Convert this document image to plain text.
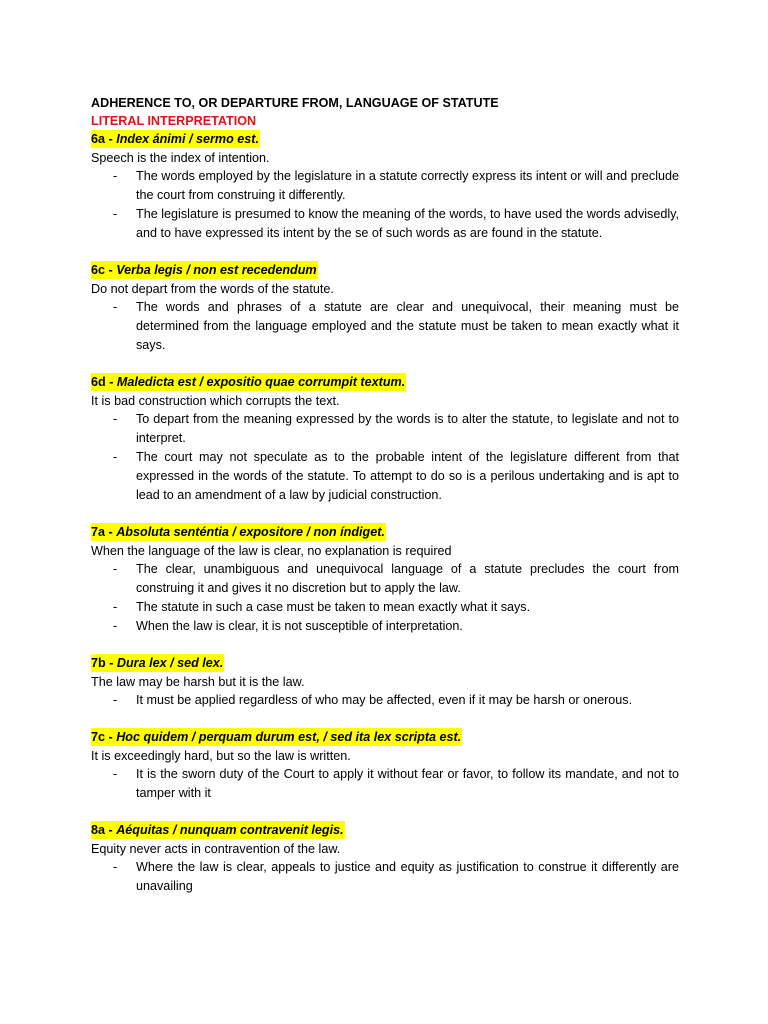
ADHERENCE TO, OR DEPARTURE FROM, LANGUAGE OF STATUTE
LITERAL INTERPRETATION
6a - Index ánimi / sermo est.
Speech is the index of intention.
- The words employed by the legislature in a statute correctly express its intent or will and preclude the court from construing it differently.
- The legislature is presumed to know the meaning of the words, to have used the words advisedly, and to have expressed its intent by the se of such words as are found in the statute.
6c - Verba legis / non est recedendum
Do not depart from the words of the statute.
- The words and phrases of a statute are clear and unequivocal, their meaning must be determined from the language employed and the statute must be taken to mean exactly what it says.
6d - Maledicta est / expositio quae corrumpit textum.
It is bad construction which corrupts the text.
- To depart from the meaning expressed by the words is to alter the statute, to legislate and not to interpret.
- The court may not speculate as to the probable intent of the legislature different from that expressed in the words of the statute. To attempt to do so is a perilous undertaking and is apt to lead to an amendment of a law by judicial construction.
7a - Absoluta senténtia / expositore / non índiget.
When the language of the law is clear, no explanation is required
- The clear, unambiguous and unequivocal language of a statute precludes the court from construing it and gives it no discretion but to apply the law.
- The statute in such a case must be taken to mean exactly what it says.
- When the law is clear, it is not susceptible of interpretation.
7b - Dura lex / sed lex.
The law may be harsh but it is the law.
- It must be applied regardless of who may be affected, even if it may be harsh or onerous.
7c - Hoc quidem / perquam durum est, / sed ita lex scripta est.
It is exceedingly hard, but so the law is written.
- It is the sworn duty of the Court to apply it without fear or favor, to follow its mandate, and not to tamper with it
8a - Aéquitas / nunquam contravenit legis.
Equity never acts in contravention of the law.
- Where the law is clear, appeals to justice and equity as justification to construe it differently are unavailing
